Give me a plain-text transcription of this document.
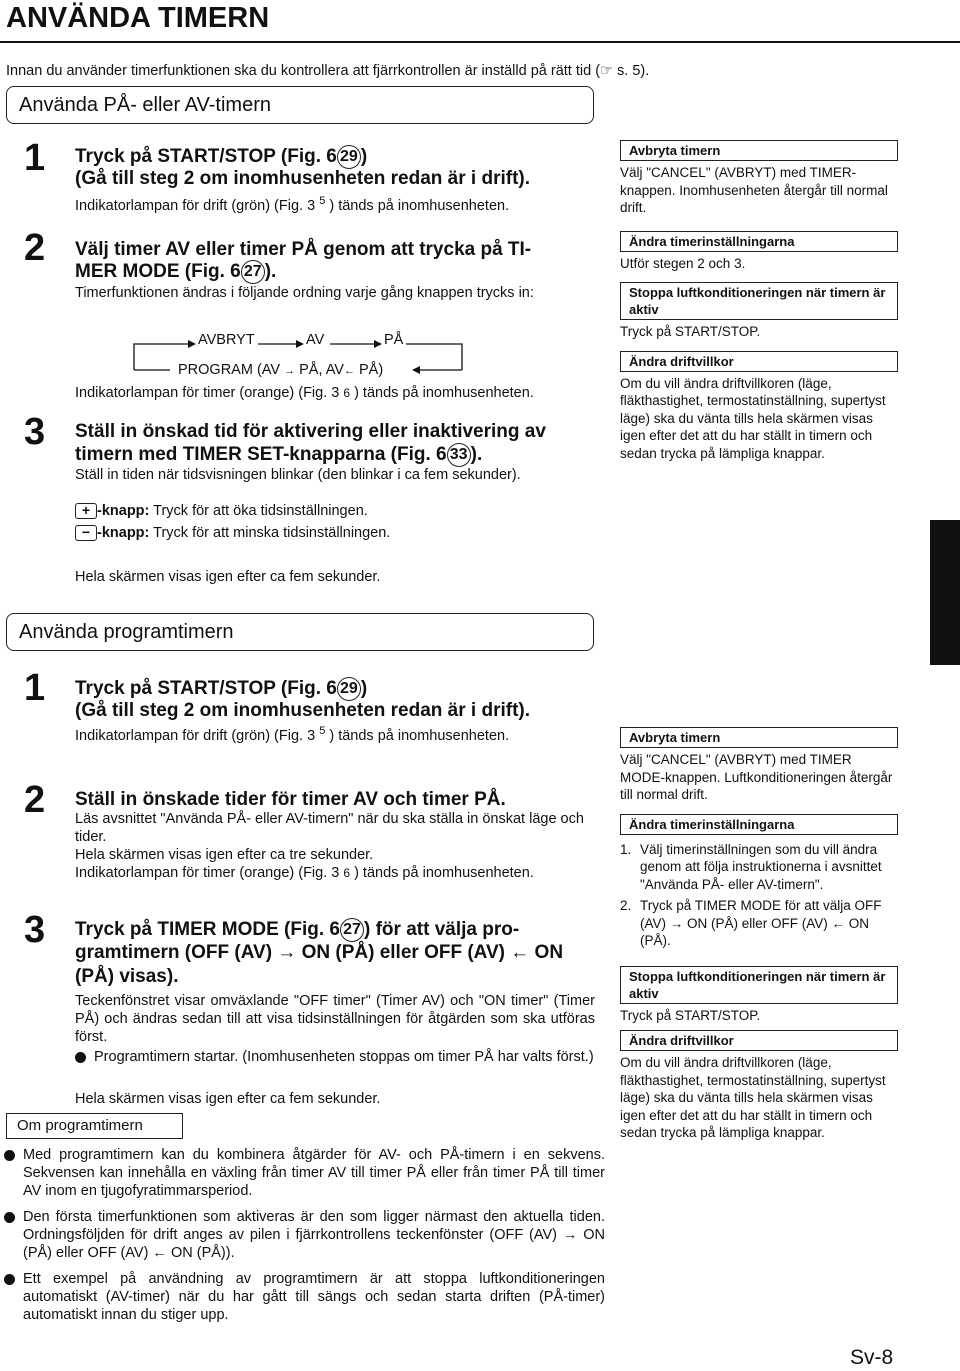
ANVÄNDA TIMERN
Innan du använder timerfunktionen ska du kontrollera att fjärrkontrollen är inställd på rätt tid (☞ s. 5).
Använda PÅ- eller AV-timern
1 Tryck på START/STOP (Fig. 6 29 )
(Gå till steg 2 om inomhusenheten redan är i drift).
Indikatorlampan för drift (grön) (Fig. 3 $^5$ ) tänds på inomhusenheten.
2 Välj timer AV eller timer PÅ genom att trycka på TI-
MER MODE (Fig. 6 27 ).
Timerfunktionen ändras i följande ordning varje gång knappen trycks in:
AVBRYT	AV	PÅ
PROGRAM (AV → PÅ, AV← PÅ)
Indikatorlampan för timer (orange) (Fig. 3 6 ) tänds på inomhusenheten.
3 Ställ in önskad tid för aktivering eller inaktivering av
timern med TIMER SET-knapparna (Fig. 6 33 ).
Ställ in tiden när tidsvisningen blinkar (den blinkar i ca fem sekunder).
+ -knapp: Tryck för att öka tidsinställningen.
− -knapp: Tryck för att minska tidsinställningen.
Hela skärmen visas igen efter ca fem sekunder.
Avbryta timern
Välj "CANCEL" (AVBRYT) med TIMER-knappen. Inomhusenheten återgår till normal drift.
Ändra timerinställningarna
Utför stegen 2 och 3.
Stoppa luftkonditioneringen när timern är aktiv
Tryck på START/STOP.
Ändra driftvillkor
Om du vill ändra driftvillkoren (läge, fläkthastighet, termostatinställning, supertyst läge) ska du vänta tills hela skärmen visas igen efter det att du har ställt in timern och sedan trycka på lämpliga knappar.
Använda programtimern
1 Tryck på START/STOP (Fig. 6 29 )
(Gå till steg 2 om inomhusenheten redan är i drift).
Indikatorlampan för drift (grön) (Fig. 3 $^5$ ) tänds på inomhusenheten.
2 Ställ in önskade tider för timer AV och timer PÅ.
Läs avsnittet "Använda PÅ- eller AV-timern" när du ska ställa in önskat läge och tider.
Hela skärmen visas igen efter ca tre sekunder.
Indikatorlampan för timer (orange) (Fig. 3 6 ) tänds på inomhusenheten.
3 Tryck på TIMER MODE (Fig. 6 27 ) för att välja pro-
gramtimern (OFF (AV) → ON (PÅ) eller OFF (AV) ← ON
(PÅ) visas).
Teckenfönstret visar omväxlande "OFF timer" (Timer AV) och "ON timer" (Timer PÅ) och ändras sedan till att visa tidsinställningen för åtgärden som ska utföras först.
Programtimern startar. (Inomhusenheten stoppas om timer PÅ har valts först.)
Hela skärmen visas igen efter ca fem sekunder.
Avbryta timern
Välj "CANCEL" (AVBRYT) med TIMER MODE-knappen. Luftkonditioneringen återgår till normal drift.
Ändra timerinställningarna
1. Välj timerinställningen som du vill ändra genom att följa instruktionerna i avsnittet "Använda PÅ- eller AV-timern".
2. Tryck på TIMER MODE för att välja OFF (AV) → ON (PÅ) eller OFF (AV) ← ON (PÅ).
Stoppa luftkonditioneringen när timern är aktiv
Tryck på START/STOP.
Ändra driftvillkor
Om du vill ändra driftvillkoren (läge, fläkthastighet, termostatinställning, supertyst läge) ska du vänta tills hela skärmen visas igen efter det att du har ställt in timern och sedan trycka på lämpliga knappar.
Om programtimern
Med programtimern kan du kombinera åtgärder för AV- och PÅ-timern i en sekvens. Sekvensen kan innehålla en växling från timer AV till timer PÅ eller från timer PÅ till timer AV inom en tjugofyratimmarsperiod.
Den första timerfunktionen som aktiveras är den som ligger närmast den aktuella tiden. Ordningsföljden för drift anges av pilen i fjärrkontrollens teckenfönster (OFF (AV) → ON (PÅ) eller OFF (AV) ← ON (PÅ)).
Ett exempel på användning av programtimern är att stoppa luftkonditioneringen automatiskt (AV-timer) när du har gått till sängs och sedan starta driften (PÅ-timer) automatiskt innan du stiger upp.
Sv-8
